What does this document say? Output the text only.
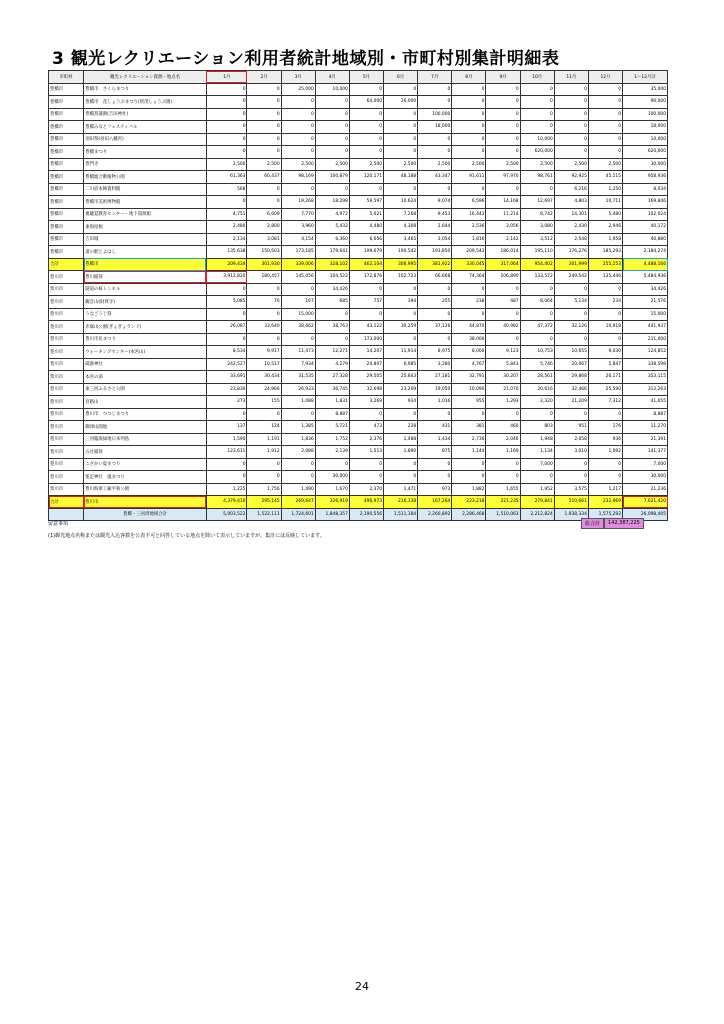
3 観光レクリエーション利用者統計地域別・市町村別集計明細表
市町村	観光レクリエーション資源・地点名	1月	2月	3月	4月	5月	6月	7月	8月	9月	10月	11月	12月	1～12月計
豊橋市	豊橋市　さくらまつり	0	0	25,000	10,000	0	0	0	0	0	0	0	0	35,000
豊橋市	豊橋市　花しょうぶまつり(賀茂しょうぶ園)	0	0	0	0	64,000	26,000	0	0	0	0	0	0	90,000
豊橋市	豊橋菖蒲園(吉田神社)	0	0	0	0	0	0	100,000	0	0	0	0	0	100,000
豊橋市	豊橋みなとフェスティバル	0	0	0	0	0	0	18,000	0	0	0	0	0	18,000
豊橋市	羽田祭(羽田八幡宮)	0	0	0	0	0	0	0	0	0	10,000	0	0	10,000
豊橋市	豊橋まつり	0	0	0	0	0	0	0	0	0	620,000	0	0	620,000
豊橋市	豊門寺	2,500	2,500	2,500	2,500	2,500	2,500	2,500	2,500	2,500	2,500	2,500	2,500	30,000
豊橋市	豊橋総合動植物公園	61,363	60,437	98,169	100,879	120,171	48,188	43,347	91,611	97,970	98,761	92,925	45,115	958,936
豊橋市	二川宿本陣資料館	568	0	0	0	0	0	0	0	0	0	6,216	1,250	8,034
豊橋市	豊橋市美術博物館	0	0	19,268	18,298	59,597	10,624	9,074	6,596	14,168	12,697	4,803	10,711	169,846
豊橋市	視聴覚教育センター・地下資源館	4,751	6,609	7,770	4,972	5,021	7,268	9,453	16,443	11,214	8,742	14,301	5,480	102,024
豊橋市	東海屋根	2,480	2,800	3,960	5,432	4,480	4,308	2,644	2,536	3,056	3,080	2,430	2,946	40,172
豊橋市	吉田城	2,134	3,081	4,154	6,360	6,656	3,465	3,054	1,816	2,142	3,512	2,548	1,958	40,880
豊橋市	道の駅とよはし	135,638	150,503	173,185	179,641	199,679	190,542	193,850	209,543	186,014	195,110	176,276	185,293	2,184,274
合計	豊橋市	209,434	301,930	339,006	328,102	462,104	306,995	381,922	330,045	317,064	954,402	301,999	255,253	4,488,166
豊川市	豊川稲荷	3,912,820	180,457	145,056	104,522	172,876	102,723	66,668	74,364	106,890	133,572	249,542	135,446	5,484,936
豊川市	隧道の桜トンネル	0	0	0	34,426	0	0	0	0	0	0	0	0	34,426
豊川市	観音山(財賀寺)	5,085	76	167	685	757	394	255	238	487	8,064	5,134	234	21,576
豊川市	うなごうじ祭	0	0	15,000	0	0	0	0	0	0	0	0	0	15,000
豊川市	赤塚山公園(ぎょぎょランド)	26,087	33,640	38,662	38,763	43,122	30,259	37,126	44,870	40,992	47,372	32,126	10,918	441,937
豊川市	豊川市民まつり	0	0	0	0	173,000	0	0	38,000	0	0	0	0	211,000
豊川市	ウォーキングセンター(本宮山)	8,534	9,917	11,473	12,271	14,207	11,914	8,975	8,000	9,123	10,753	10,655	9,030	124,852
豊川市	砥鹿神社	242,527	10,517	7,934	4,279	20,807	6,985	3,280	4,767	5,843	5,746	20,067	5,847	338,599
豊川市	本宮の湯	33,691	30,434	31,535	27,328	29,505	25,843	27,181	32,791	30,207	28,561	29,868	26,171	353,115
豊川市	東三河ふるさと公園	23,830	24,966	26,933	36,745	32,698	23,209	19,050	10,090	21,070	20,616	32,466	25,590	312,263
豊川市	宮路山	273	155	1,088	1,831	3,269	934	1,016	955	1,293	2,320	21,209	7,312	41,655
豊川市	豊川市　つつじまつり	0	0	0	8,887	0	0	0	0	0	0	0	0	8,887
豊川市	御津山園地	137	124	1,385	5,721	473	228	431	381	460	803	951	176	11,270
豊川市	三河臨海緑地日本列島	1,590	1,191	1,836	1,752	2,376	1,488	1,434	2,736	2,046	1,948	2,058	936	21,391
豊川市	五社稲荷	123,611	1,912	2,088	2,139	1,513	1,890	875	1,144	1,169	1,134	3,010	1,092	141,377
豊川市	こざかい夏まつり	0	0	0	0	0	0	0	0	0	7,000	0	0	7,000
豊川市	菟足神社　風まつり	0	0	0	30,000	0	0	0	0	0	0	0	0	30,000
豊川市	豊川海軍工廠平和公園	1,225	1,756	1,490	1,670	2,370	1,471	973	1,882	1,655	1,952	3,575	1,217	21,236
合計	豊川市	4,379,410	295,145	269,647	326,919	496,973	216,138	167,264	223,218	221,235	279,841	510,661	232,969	7,621,420
	豊橋・三河湾地域合計	5,003,522	1,522,111	1,724,601	1,848,357	2,190,556	1,511,184	2,260,892	2,286,468	1,510,063	2,212,824	1,938,334	1,575,292	26,098,405
留意事項
(1)観光地点名称または観光入込客数を公表不可と回答している地点を除いて表示していますが、集計には反映しています。
総合計	142,387,225
24
